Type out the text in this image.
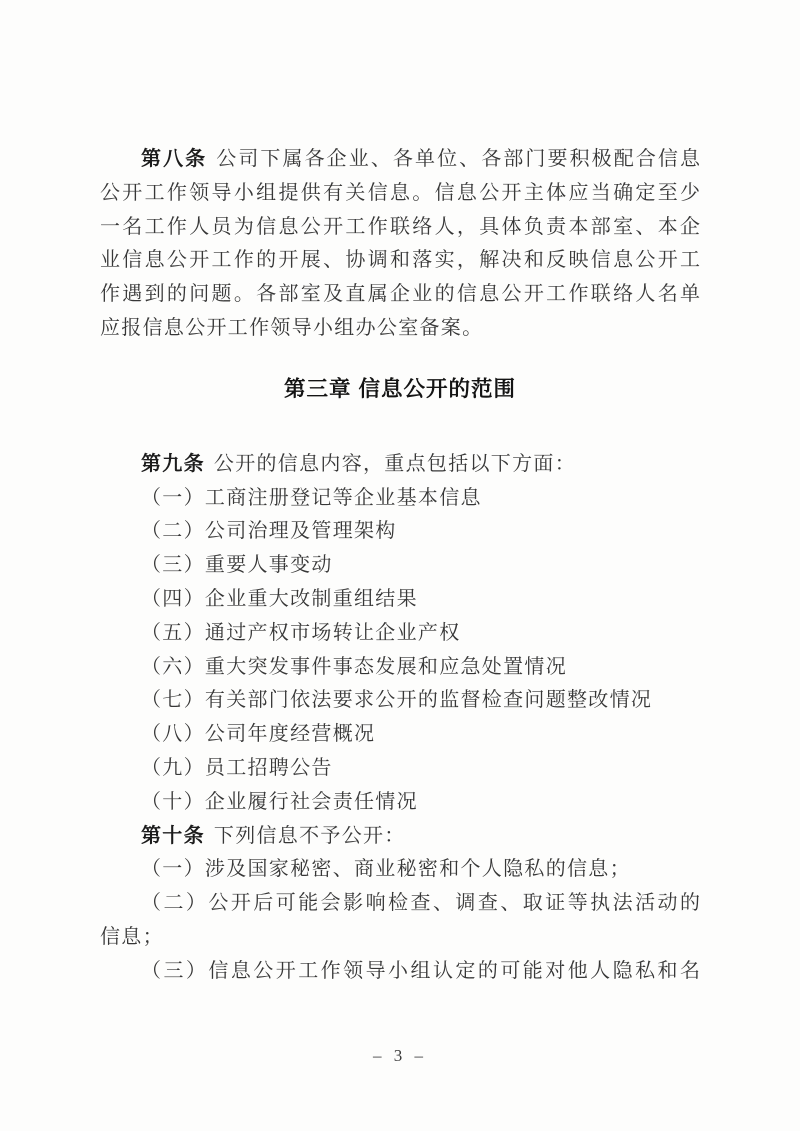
第八条 公司下属各企业、各单位、各部门要积极配合信息

公开工作领导小组提供有关信息。信息公开主体应当确定至少

一名工作人员为信息公开工作联络人，具体负责本部室、本企

业信息公开工作的开展、协调和落实，解决和反映信息公开工

作遇到的问题。各部室及直属企业的信息公开工作联络人名单

应报信息公开工作领导小组办公室备案。

第三章 信息公开的范围

第九条 公开的信息内容，重点包括以下方面：

（一）工商注册登记等企业基本信息

（二）公司治理及管理架构

（三）重要人事变动

（四）企业重大改制重组结果

（五）通过产权市场转让企业产权

（六）重大突发事件事态发展和应急处置情况

（七）有关部门依法要求公开的监督检查问题整改情况

（八）公司年度经营概况

（九）员工招聘公告

（十）企业履行社会责任情况

第十条 下列信息不予公开：

（一）涉及国家秘密、商业秘密和个人隐私的信息；

（二）公开后可能会影响检查、调查、取证等执法活动的

信息；

（三）信息公开工作领导小组认定的可能对他人隐私和名

– 3 –
